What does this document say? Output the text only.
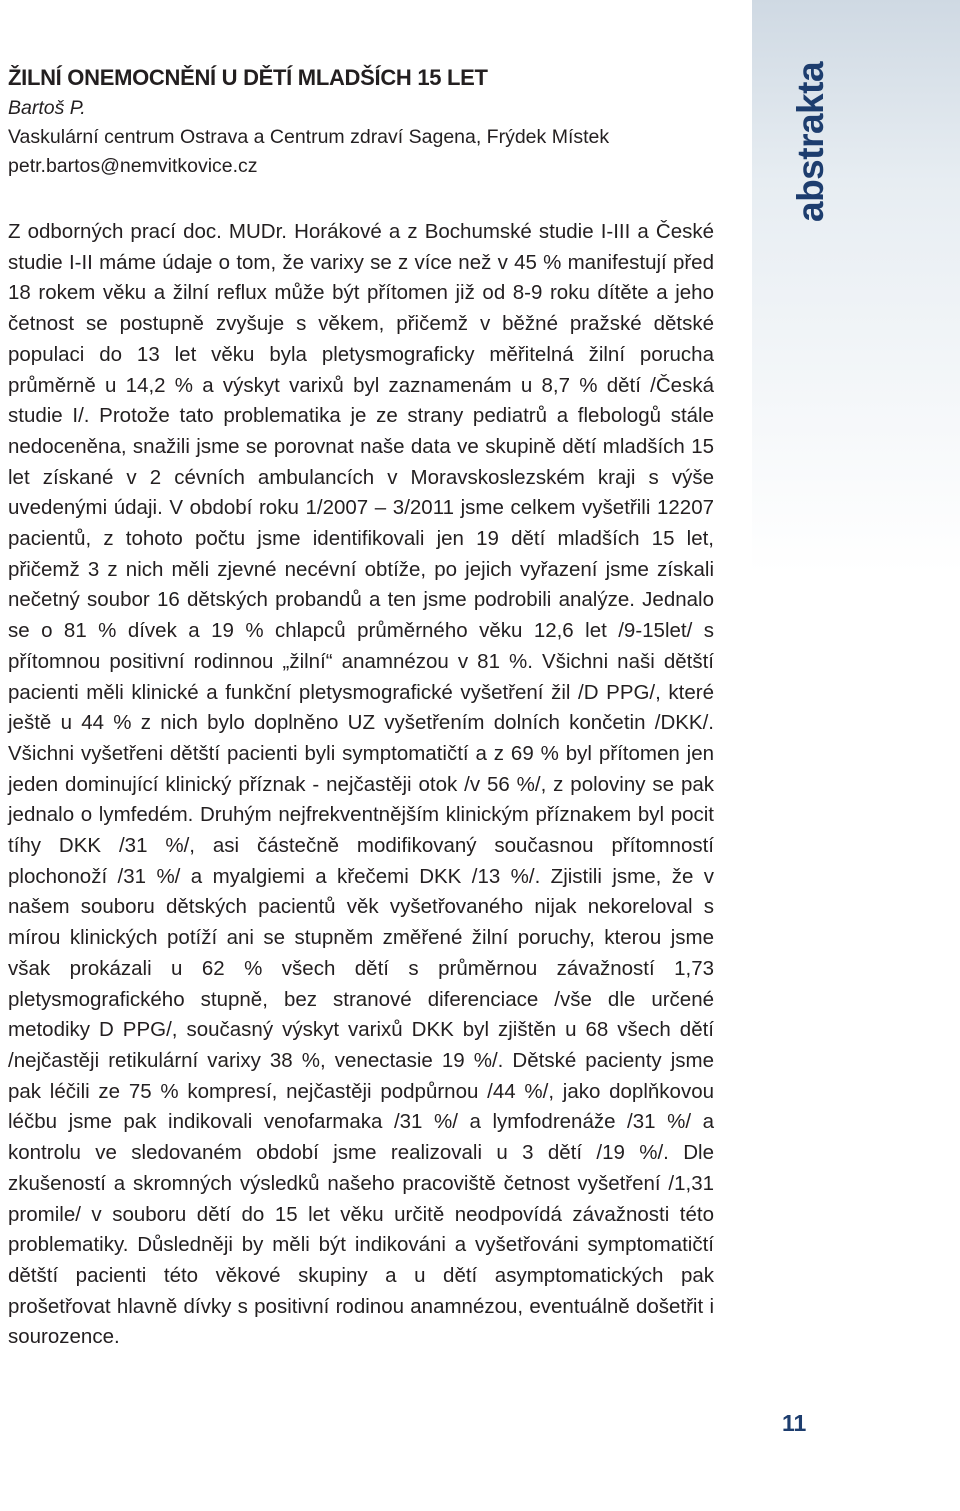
abstrakta
11
ŽILNÍ ONEMOCNĚNÍ U DĚTÍ MLADŠÍCH 15 LET
Bartoš P.
Vaskulární centrum Ostrava a Centrum zdraví Sagena, Frýdek Místek
petr.bartos@nemvitkovice.cz

Z odborných prací doc. MUDr. Horákové a z Bochumské studie I-III a České studie I-II máme údaje o tom, že varixy se z více než v 45 % manifestují před 18 rokem věku a žilní reflux může být přítomen již od 8-9 roku dítěte a jeho četnost se postupně zvyšuje s věkem, přičemž v běžné pražské dětské populaci do 13 let věku byla pletysmograficky měřitelná žilní porucha průměrně u 14,2 % a výskyt varixů byl zaznamenám u 8,7 % dětí /Česká studie I/. Protože tato problematika je ze strany pediatrů a flebologů stále nedoceněna, snažili jsme se porovnat naše data ve skupině dětí mladších 15 let získané v 2 cévních ambulancích v Moravskoslezském kraji s výše uvedenými údaji. V období roku 1/2007 – 3/2011 jsme celkem vyšetřili 12207 pacientů, z tohoto počtu jsme identifikovali jen 19 dětí mladších 15 let, přičemž 3 z nich měli zjevné necévní obtíže, po jejich vyřazení jsme získali nečetný soubor 16 dětských probandů a ten jsme podrobili analýze. Jednalo se o 81 % dívek a 19 % chlapců průměrného věku 12,6 let /9-15let/ s přítomnou positivní rodinnou „žilní“ anamnézou v 81 %. Všichni naši dětští pacienti měli klinické a funkční pletysmografické vyšetření žil /D PPG/, které ještě u 44 % z nich bylo doplněno UZ vyšetřením dolních končetin /DKK/. Všichni vyšetřeni dětští pacienti byli symptomatičtí a z 69 % byl přítomen jen jeden dominující klinický příznak - nejčastěji otok /v 56 %/, z poloviny se pak jednalo o lymfedém. Druhým nejfrekventnějším klinickým příznakem byl pocit tíhy DKK /31 %/, asi částečně modifikovaný současnou přítomností plochonoží /31 %/ a myalgiemi a křečemi DKK /13 %/. Zjistili jsme, že v našem souboru dětských pacientů věk vyšetřovaného nijak nekoreloval s mírou klinických potíží ani se stupněm změřené žilní poruchy, kterou jsme však prokázali u 62 % všech dětí s průměrnou závažností 1,73 pletysmografického stupně, bez stranové diferenciace /vše dle určené metodiky D PPG/, současný výskyt varixů DKK byl zjištěn u 68 všech dětí /nejčastěji retikulární varixy 38 %, venectasie 19 %/. Dětské pacienty jsme pak léčili ze 75 % kompresí, nejčastěji podpůrnou /44 %/, jako doplňkovou léčbu jsme pak indikovali venofarmaka /31 %/ a lymfodrenáže /31 %/ a kontrolu ve sledovaném období jsme realizovali u 3 dětí /19 %/. Dle zkušeností a skromných výsledků našeho pracoviště četnost vyšetření /1,31 promile/ v souboru dětí do 15 let věku určitě neodpovídá závažnosti této problematiky. Důsledněji by měli být indikováni a vyšetřováni symptomatičtí dětští pacienti této věkové skupiny a u dětí asymptomatických pak prošetřovat hlavně dívky s positivní rodinou anamnézou, eventuálně došetřit i sourozence.
